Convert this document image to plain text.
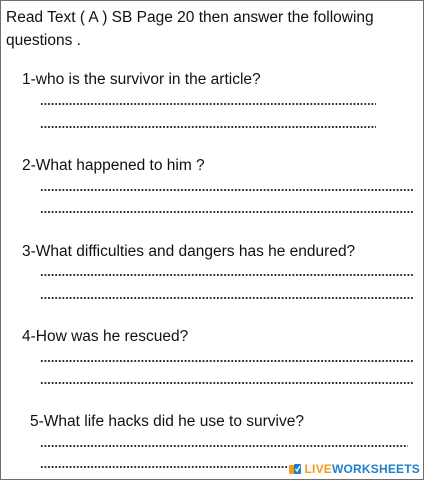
Read Text ( A ) SB Page 20 then answer the following questions .

1-who is the survivor in the article?

2-What happened to him ?

3-What difficulties and dangers has he endured?

4-How was he rescued?

5-What life hacks did he use to survive?

LIVEWORKSHEETS
